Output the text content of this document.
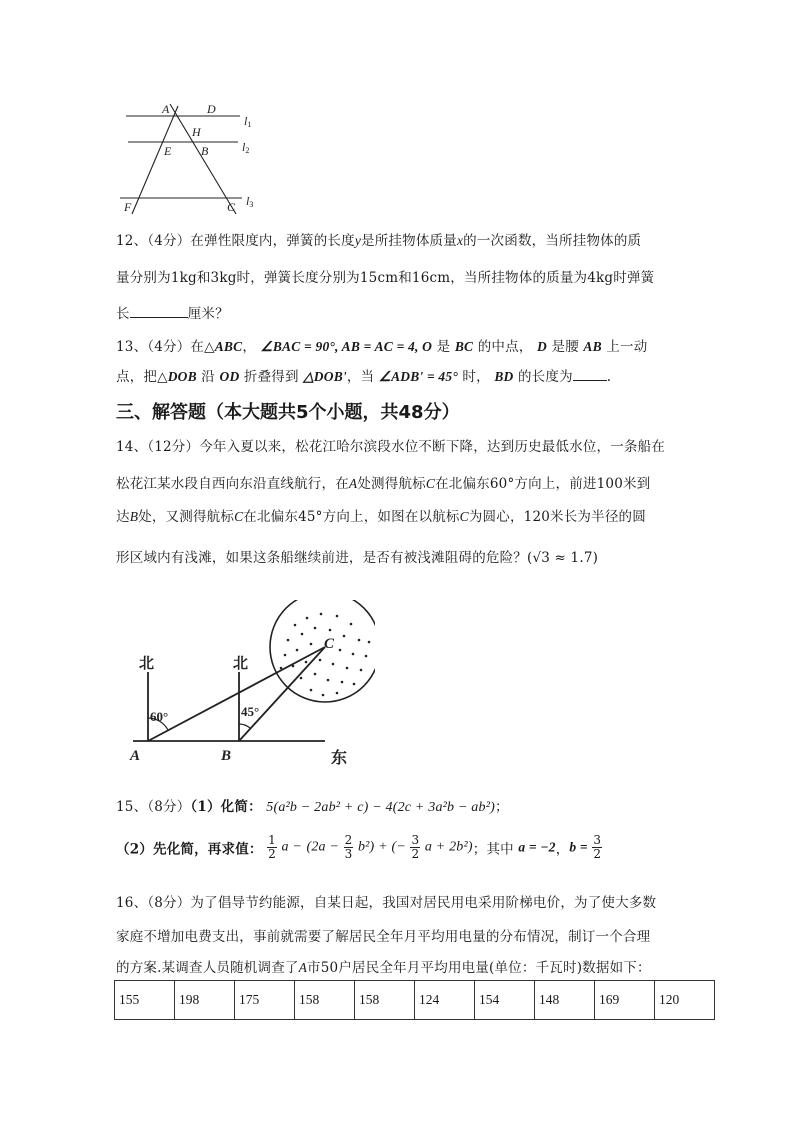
A	D
H
E B
F	C
l1
l2
l3
12、（4分）在弹性限度内，弹簧的长度y是所挂物体质量x的一次函数，当所挂物体的质
量分别为1kg和3kg时，弹簧长度分别为15cm和16cm，当所挂物体的质量为4kg时弹簧
长	厘米？
13、（4分）在△ABC， ∠BAC = 90°, AB = AC = 4, O 是 BC 的中点， D 是腰 AB 上一动
点，把△DOB 沿 OD 折叠得到 △DOB'，当 ∠ADB' = 45° 时， BD 的长度为	.
三、解答题（本大题共5个小题，共48分）
14、（12分）今年入夏以来，松花江哈尔滨段水位不断下降，达到历史最低水位，一条船在
松花江某水段自西向东沿直线航行，在A处测得航标C在北偏东60°方向上，前进100米到
达B处，又测得航标C在北偏东45°方向上，如图在以航标C为圆心，120米长为半径的圆
形区域内有浅滩，如果这条船继续前进，是否有被浅滩阻碍的危险？(√3 ≈ 1.7)
北	北
东
60°	45°
A	B
C
15、（8分）（1）化简： 5(a²b − 2ab² + c) − 4(2c + 3a²b − ab²)；
（2）先化简，再求值： $\frac{1}{2}$ $a - (2a - \frac{2}{3} b^2)$ + (− $\frac{3}{2}$ a + 2b²)；其中 a = −2，$b = \frac{3}{2}$
16、（8分）为了倡导节约能源，自某日起，我国对居民用电采用阶梯电价，为了使大多数
家庭不增加电费支出，事前就需要了解居民全年月平均用电量的分布情况，制订一个合理
的方案.某调查人员随机调查了A市50户居民全年月平均用电量(单位：千瓦时)数据如下：
155	198	175	158	158	124	154	148	169	120
